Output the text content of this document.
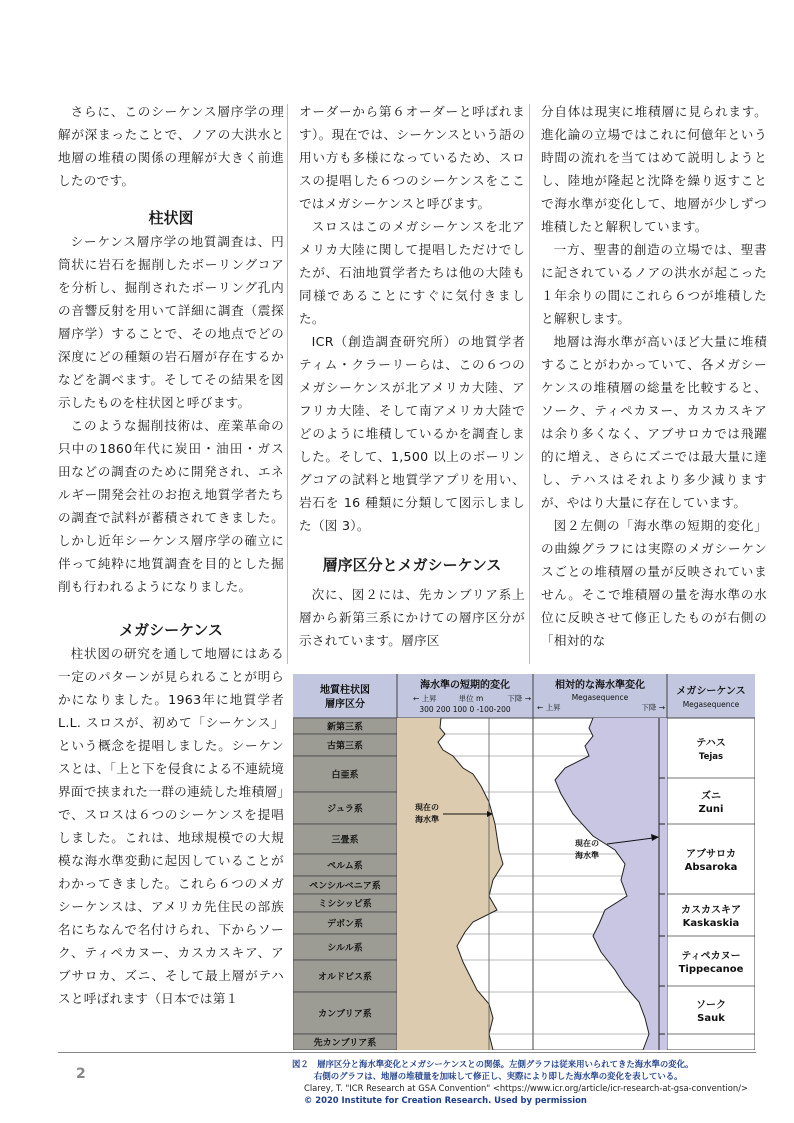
さらに、このシーケンス層序学の理解が深まったことで、ノアの大洪水と地層の堆積の関係の理解が大きく前進したのです。

柱状図

シーケンス層序学の地質調査は、円筒状に岩石を掘削したボーリングコアを分析し、掘削されたボーリング孔内の音響反射を用いて詳細に調査（震探層序学）することで、その地点でどの深度にどの種類の岩石層が存在するかなどを調べます。そしてその結果を図示したものを柱状図と呼びます。

このような掘削技術は、産業革命の只中の1860年代に炭田・油田・ガス田などの調査のために開発され、エネルギー開発会社のお抱え地質学者たちの調査で試料が蓄積されてきました。しかし近年シーケンス層序学の確立に伴って純粋に地質調査を目的とした掘削も行われるようになりました。

メガシーケンス

柱状図の研究を通して地層にはある一定のパターンが見られることが明らかになりました。1963年に地質学者L.L. スロスが、初めて「シーケンス」という概念を提唱しました。シーケンスとは、「上と下を侵食による不連続境界面で挟まれた一群の連続した堆積層」で、スロスは６つのシーケンスを提唱しました。これは、地球規模での大規模な海水準変動に起因していることがわかってきました。これら６つのメガシーケンスは、アメリカ先住民の部族名にちなんで名付けられ、下からソーク、ティペカヌー、カスカスキア、アブサロカ、ズニ、そして最上層がテハスと呼ばれます（日本では第１

オーダーから第６オーダーと呼ばれます）。現在では、シーケンスという語の用い方も多様になっているため、スロスの提唱した６つのシーケンスをここではメガシーケンスと呼びます。

スロスはこのメガシーケンスを北アメリカ大陸に関して提唱しただけでしたが、石油地質学者たちは他の大陸も同様であることにすぐに気付きました。

ICR（創造調査研究所）の地質学者ティム・クラーリーらは、この６つのメガシーケンスが北アメリカ大陸、アフリカ大陸、そして南アメリカ大陸でどのように堆積しているかを調査しました。そして、1,500 以上のボーリングコアの試料と地質学アプリを用い、岩石を 16 種類に分類して図示しました（図 3）。

層序区分とメガシーケンス

次に、図２には、先カンブリア系上層から新第三系にかけての層序区分が示されています。層序区

分自体は現実に堆積層に見られます。進化論の立場ではこれに何億年という時間の流れを当てはめて説明しようとし、陸地が隆起と沈降を繰り返すことで海水準が変化して、地層が少しずつ堆積したと解釈しています。

一方、聖書的創造の立場では、聖書に記されているノアの洪水が起こった１年余りの間にこれら６つが堆積したと解釈します。

地層は海水準が高いほど大量に堆積することがわかっていて、各メガシーケンスの堆積層の総量を比較すると、ソーク、ティペカヌー、カスカスキアは余り多くなく、アブサロカでは飛躍的に増え、さらにズニでは最大量に達し、テハスはそれより多少減りますが、やはり大量に存在しています。

図２左側の「海水準の短期的変化」の曲線グラフには実際のメガシーケンスごとの堆積層の量が反映されていません。そこで堆積層の量を海水準の水位に反映させて修正したものが右側の「相対的な

地質柱状図
層序区分
海水準の短期的変化
← 上昇	単位 m	下降 →
300 200 100 0 -100-200
相対的な海水準変化
Megasequence
← 上昇	下降 →
メガシーケンス
Megasequence
新第三系
古第三系
白亜系
ジュラ系
三畳系
ペルム系
ペンシルベニア系
ミシシッピ系
デボン系
シルル系
オルドビス系
カンブリア系
先カンブリア系
現在の
海水準
現在の
海水準
テハス
Tejas
ズニ
Zuni
アブサロカ
Absaroka
カスカスキア
Kaskaskia
ティペカヌー
Tippecanoe
ソーク
Sauk
2
図２　層序区分と海水準変化とメガシーケンスとの関係。左側グラフは従来用いられてきた海水準の変化。
右側のグラフは、地層の堆積量を加味して修正し、実際により即した海水準の変化を表している。
Clarey, T. "ICR Research at GSA Convention" <https://www.icr.org/article/icr-research-at-gsa-convention/>
© 2020 Institute for Creation Research. Used by permission
